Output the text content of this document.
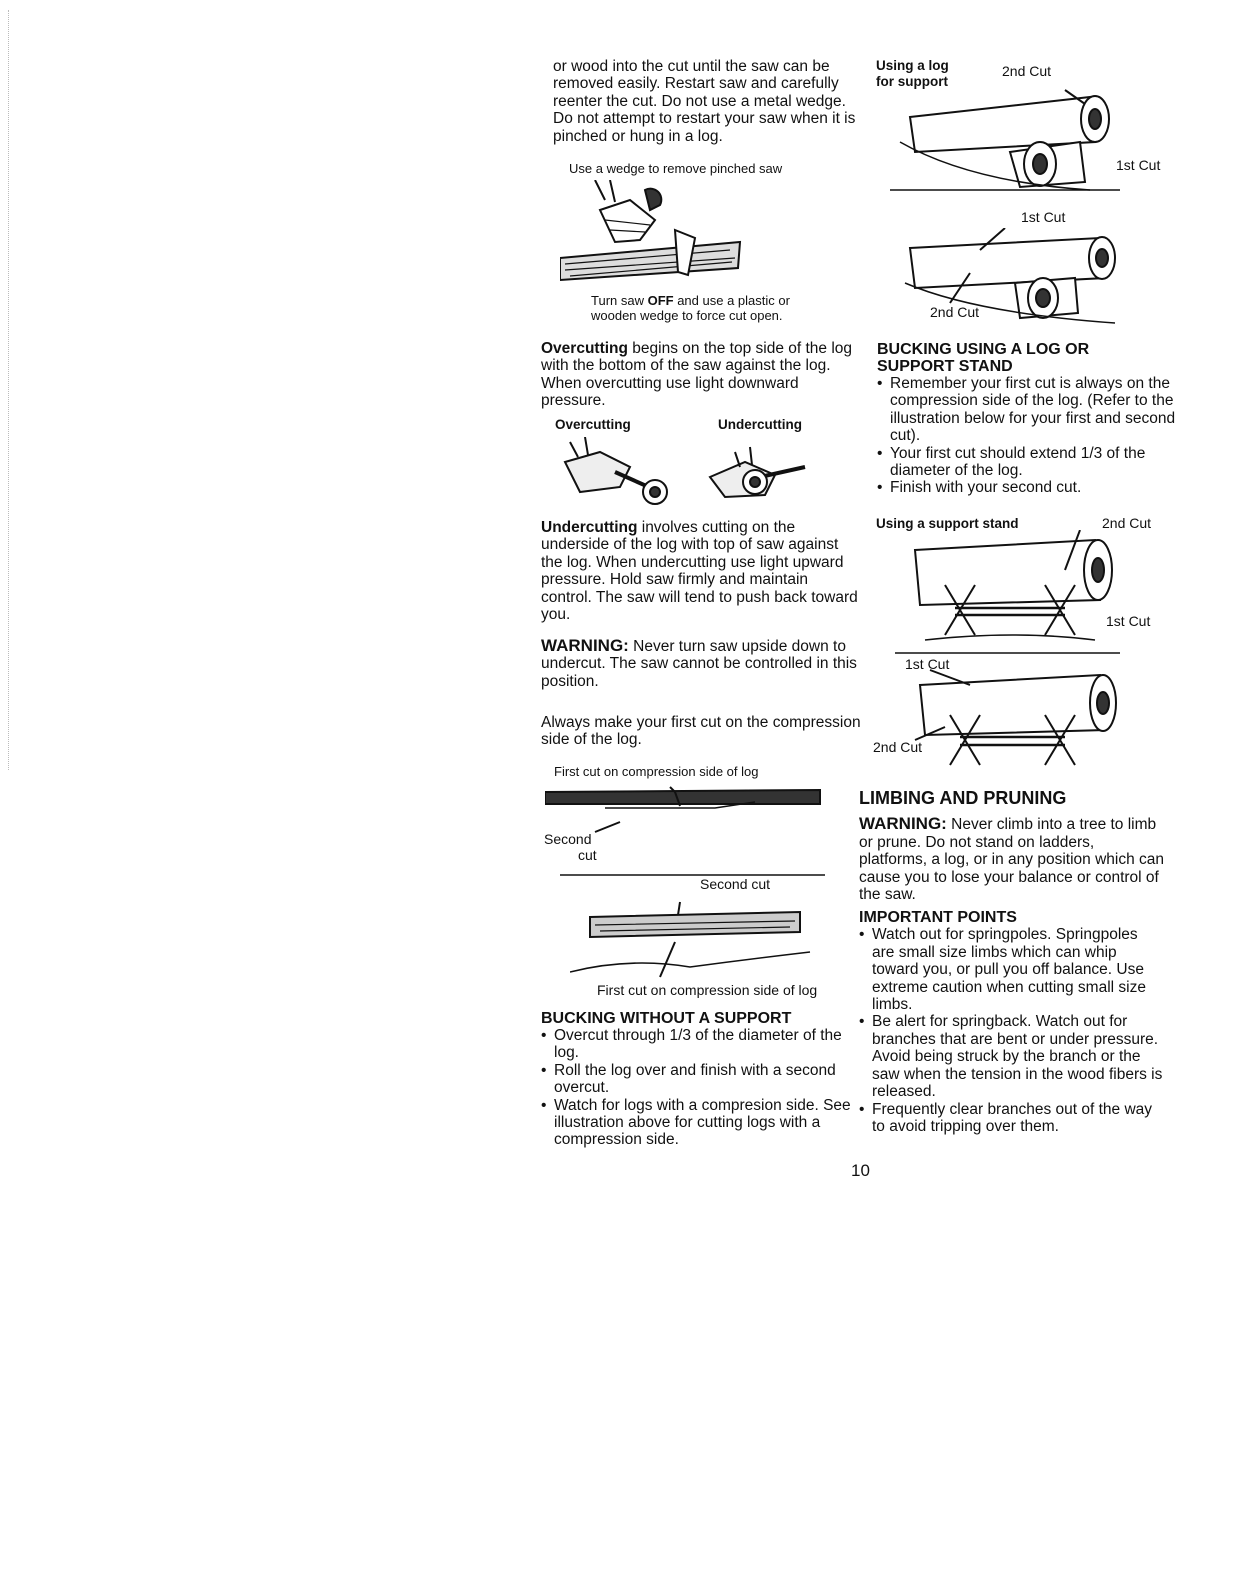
or wood into the cut until the saw can be removed easily. Restart saw and carefully reenter the cut. Do not use a metal wedge. Do not attempt to restart your saw when it is pinched or hung in a log.

Use a wedge to remove pinched saw
Turn saw OFF and use a plastic or
wooden wedge to force cut open.

Overcutting begins on the top side of the log with the bottom of the saw against the log. When overcutting use light downward pressure.

Overcutting	Undercutting

Undercutting involves cutting on the underside of the log with top of saw against the log. When undercutting use light upward pressure. Hold saw firmly and maintain control. The saw will tend to push back toward you.

WARNING: Never turn saw upside down to undercut. The saw cannot be controlled in this position.

Always make your first cut on the compression side of the log.

First cut on compression side of log
Second
cut
Second cut
First cut on compression side of log
BUCKING WITHOUT A SUPPORT
• Overcut through 1/3 of the diameter of the log.
• Roll the log over and finish with a second overcut.
• Watch for logs with a compresion side. See illustration above for cutting logs with a compression side.
Using a log
for support
2nd Cut
1st Cut
1st Cut
2nd Cut
BUCKING USING A LOG OR
SUPPORT STAND
• Remember your first cut is always on the compression side of the log. (Refer to the illustration below for your first and second cut).
• Your first cut should extend 1/3 of the diameter of the log.
• Finish with your second cut.
Using a support stand	2nd Cut
1st Cut
1st Cut
2nd Cut
LIMBING AND PRUNING

WARNING: Never climb into a tree to limb or prune. Do not stand on ladders, platforms, a log, or in any position which can cause you to lose your balance or control of the saw.

IMPORTANT POINTS
• Watch out for springpoles. Springpoles are small size limbs which can whip toward you, or pull you off balance. Use extreme caution when cutting small size limbs.
• Be alert for springback. Watch out for branches that are bent or under pressure. Avoid being struck by the branch or the saw when the tension in the wood fibers is released.
• Frequently clear branches out of the way to avoid tripping over them.
10
